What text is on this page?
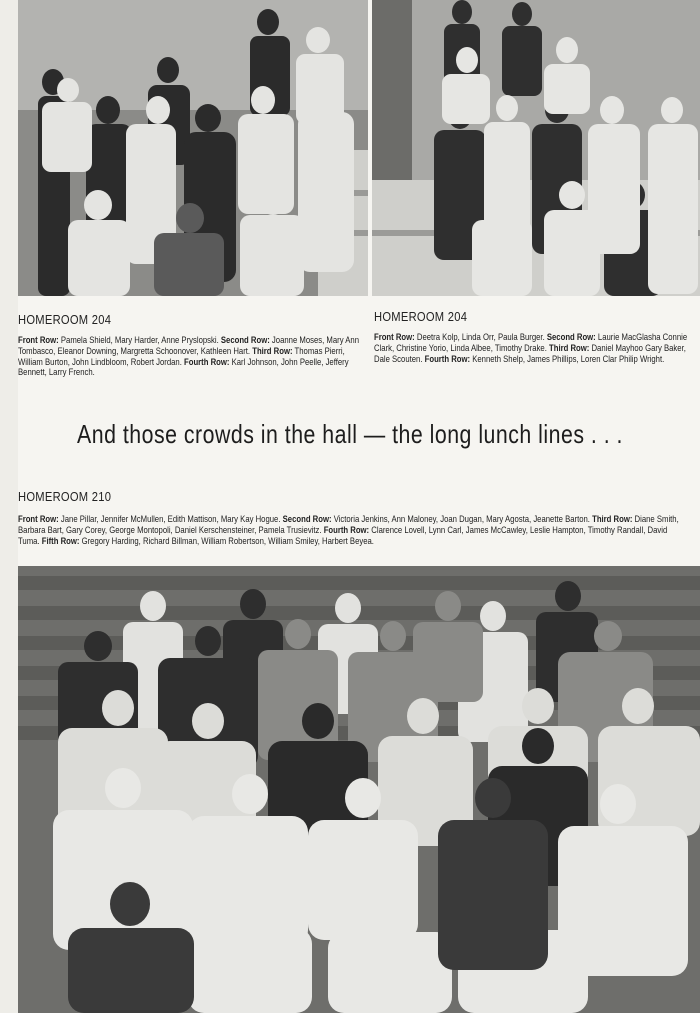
HOMEROOM 204
Front Row: Pamela Shield, Mary Harder, Anne Pryslopski. Second Row: Joanne Moses, Mary Ann Tombasco, Eleanor Downing, Margretta Schoonover, Kathleen Hart. Third Row: Thomas Pierri, William Burton, John Lindbloom, Robert Jordan. Fourth Row: Karl Johnson, John Peelle, Jeffery Bennett, Larry French.
HOMEROOM 204
Front Row: Deetra Kolp, Linda Orr, Paula Burger. Second Row: Laurie MacGlasha Connie Clark, Christine Yorio, Linda Albee, Timothy Drake. Third Row: Daniel Mayhoo Gary Baker, Dale Scouten. Fourth Row: Kenneth Shelp, James Phillips, Loren Clar Philip Wright.
And those crowds in the hall — the long lunch lines . . .
HOMEROOM 210
Front Row: Jane Pillar, Jennifer McMullen, Edith Mattison, Mary Kay Hogue. Second Row: Victoria Jenkins, Ann Maloney, Joan Dugan, Mary Agosta, Jeanette Barton. Third Row: Diane Smith, Barbara Bart, Gary Corey, George Montopoli, Daniel Kerschensteiner, Pamela Trusievitz. Fourth Row: Clarence Lovell, Lynn Carl, James McCawley, Leslie Hampton, Timothy Randall, David Tuma. Fifth Row: Gregory Harding, Richard Billman, William Robertson, William Smiley, Harbert Beyea.
